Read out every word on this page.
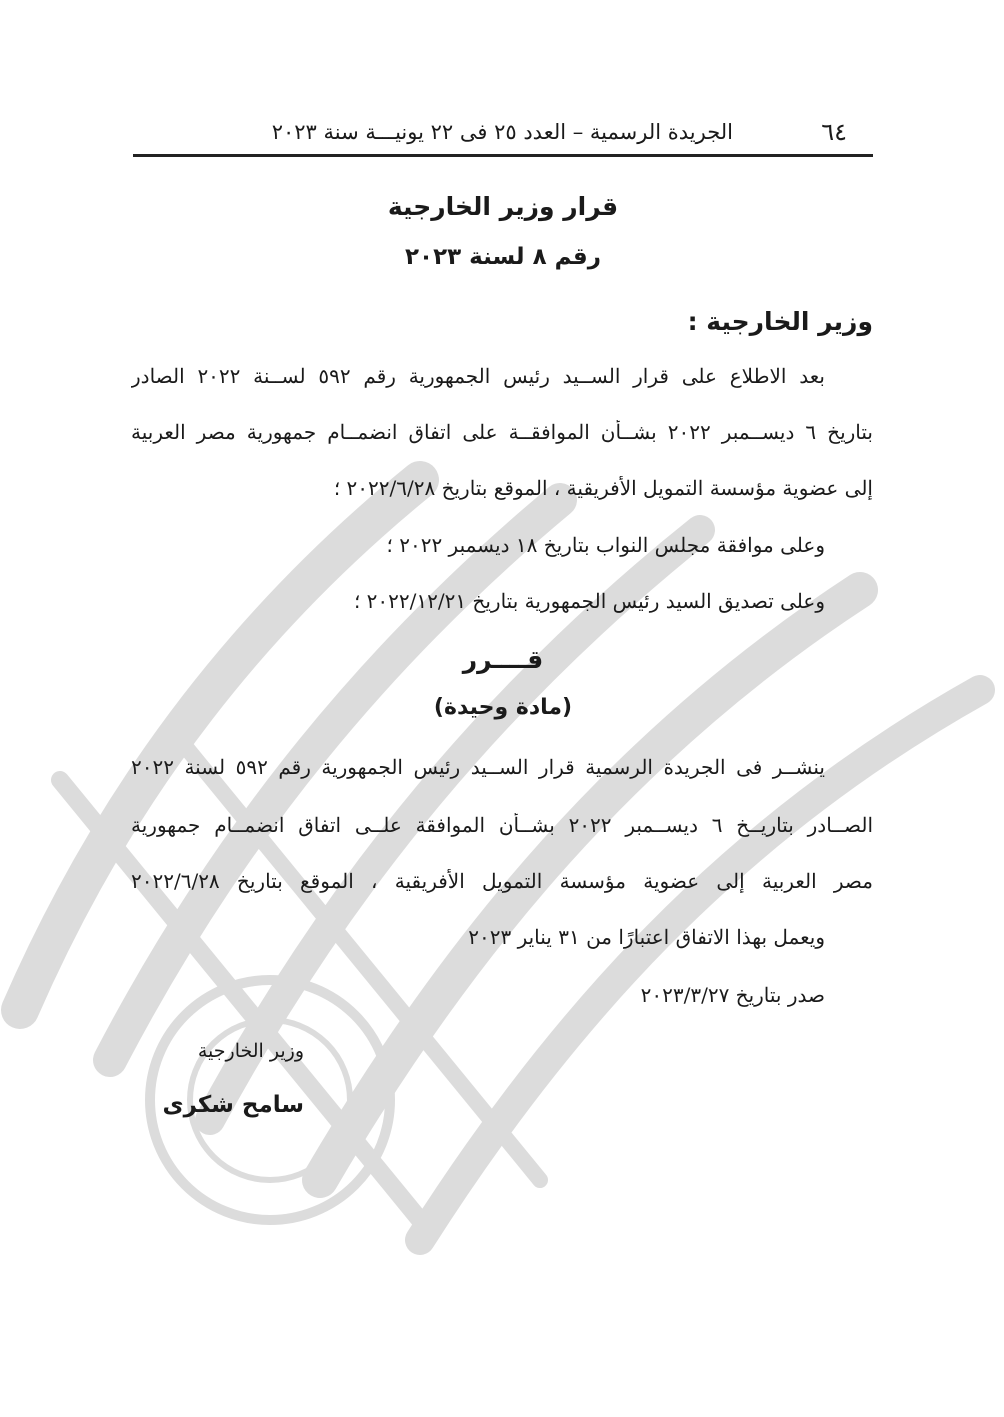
٦٤
الجريدة الرسمية – العدد ٢٥ فى ٢٢ يونيـــة سنة ٢٠٢٣
قرار وزير الخارجية
رقم ٨ لسنة ٢٠٢٣
وزير الخارجية :
بعد الاطلاع على قرار الســيد رئيس الجمهورية رقم ٥٩٢ لســنة ٢٠٢٢ الصادر
بتاريخ ٦ ديســمبر ٢٠٢٢ بشــأن الموافقــة على اتفاق انضمــام جمهورية مصر العربية
إلى عضوية مؤسسة التمويل الأفريقية ، الموقع بتاريخ ٢٠٢٢/٦/٢٨ ؛
وعلى موافقة مجلس النواب بتاريخ ١٨ ديسمبر ٢٠٢٢ ؛
وعلى تصديق السيد رئيس الجمهورية بتاريخ ٢٠٢٢/١٢/٢١ ؛
قــــرر
(مادة وحيدة)
ينشــر فى الجريدة الرسمية قرار الســيد رئيس الجمهورية رقم ٥٩٢ لسنة ٢٠٢٢
الصــادر بتاريــخ ٦ ديســمبر ٢٠٢٢ بشــأن الموافقة علــى اتفاق انضمــام جمهورية
مصر العربية إلى عضوية مؤسسة التمويل الأفريقية ، الموقع بتاريخ ٢٠٢٢/٦/٢٨
ويعمل بهذا الاتفاق اعتبارًا من ٣١ يناير ٢٠٢٣
صدر بتاريخ ٢٠٢٣/٣/٢٧
وزير الخارجية
سامح شكرى
